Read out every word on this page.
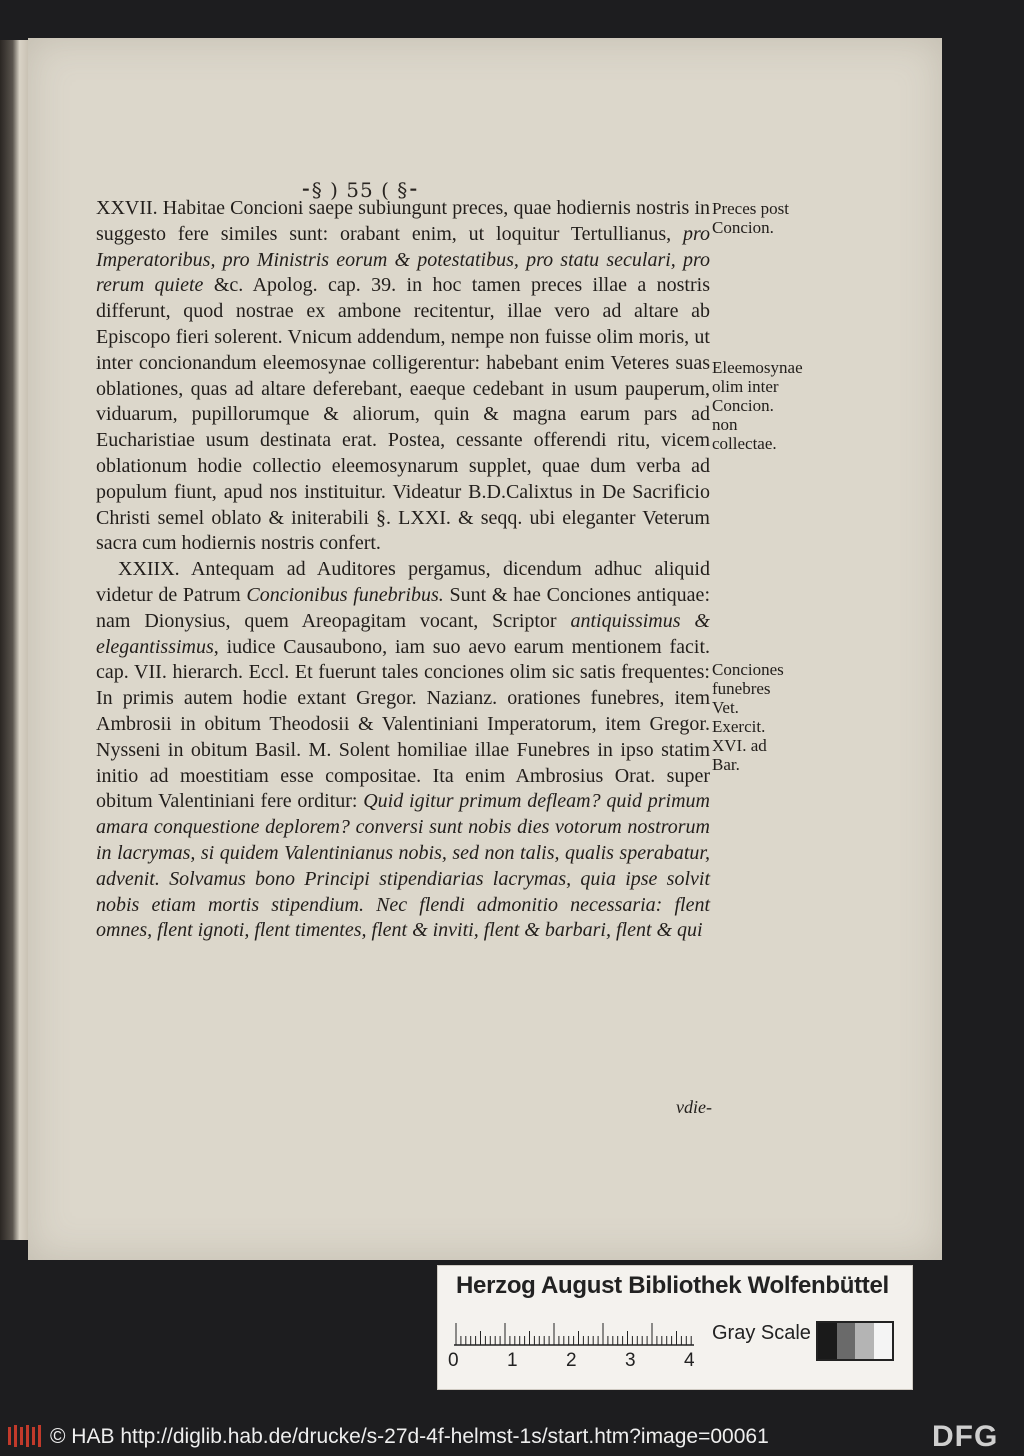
⁃§ ) 55 ( §⁃

XXVII. Habitae Concioni saepe subiungunt preces, quae hodiernis nostris in suggesto fere similes sunt: orabant enim, ut loquitur Tertullianus, pro Imperatoribus, pro Ministris eorum & potestatibus, pro statu seculari, pro rerum quiete &c. Apolog. cap. 39. in hoc tamen preces illae a nostris differunt, quod nostrae ex ambone recitentur, illae vero ad altare ab Episcopo fieri solerent. Vnicum addendum, nempe non fuisse olim moris, ut inter concionandum eleemosynae colligerentur: habebant enim Veteres suas oblationes, quas ad altare deferebant, eaeque cedebant in usum pauperum, viduarum, pupillorumque & aliorum, quin & magna earum pars ad Eucharistiae usum destinata erat. Postea, cessante offerendi ritu, vicem oblationum hodie collectio eleemosynarum supplet, quae dum verba ad populum fiunt, apud nos instituitur. Videatur B.D.Calixtus in De Sacrificio Christi semel oblato & initerabili §. LXXI. & seqq. ubi eleganter Veterum sacra cum hodiernis nostris confert.

XXIIX. Antequam ad Auditores pergamus, dicendum adhuc aliquid videtur de Patrum Concionibus funebribus. Sunt & hae Conciones antiquae: nam Dionysius, quem Areopagitam vocant, Scriptor antiquissimus & elegantissimus, iudice Causaubono, iam suo aevo earum mentionem facit. cap. VII. hierarch. Eccl. Et fuerunt tales conciones olim sic satis frequentes: In primis autem hodie extant Gregor. Nazianz. orationes funebres, item Ambrosii in obitum Theodosii & Valentiniani Imperatorum, item Gregor. Nysseni in obitum Basil. M. Solent homiliae illae Funebres in ipso statim initio ad moestitiam esse compositae. Ita enim Ambrosius Orat. super obitum Valentiniani fere orditur: Quid igitur primum defleam? quid primum amara conquestione deplorem? conversi sunt nobis dies votorum nostrorum in lacrymas, si quidem Valentinianus nobis, sed non talis, qualis sperabatur, advenit. Solvamus bono Principi stipendiarias lacrymas, quia ipse solvit nobis etiam mortis stipendium. Nec flendi admonitio necessaria: flent omnes, flent ignoti, flent timentes, flent & inviti, flent & barbari, flent & qui

Preces post Concion.
Eleemosynae olim inter Concion. non collectae.
Conciones funebres Vet. Exercit. XVI. ad Bar.
vdie-
Herzog August Bibliothek Wolfenbüttel
0	1	2	3	4
Gray Scale
© HAB http://diglib.hab.de/drucke/s-27d-4f-helmst-1s/start.htm?image=00061	DFG
